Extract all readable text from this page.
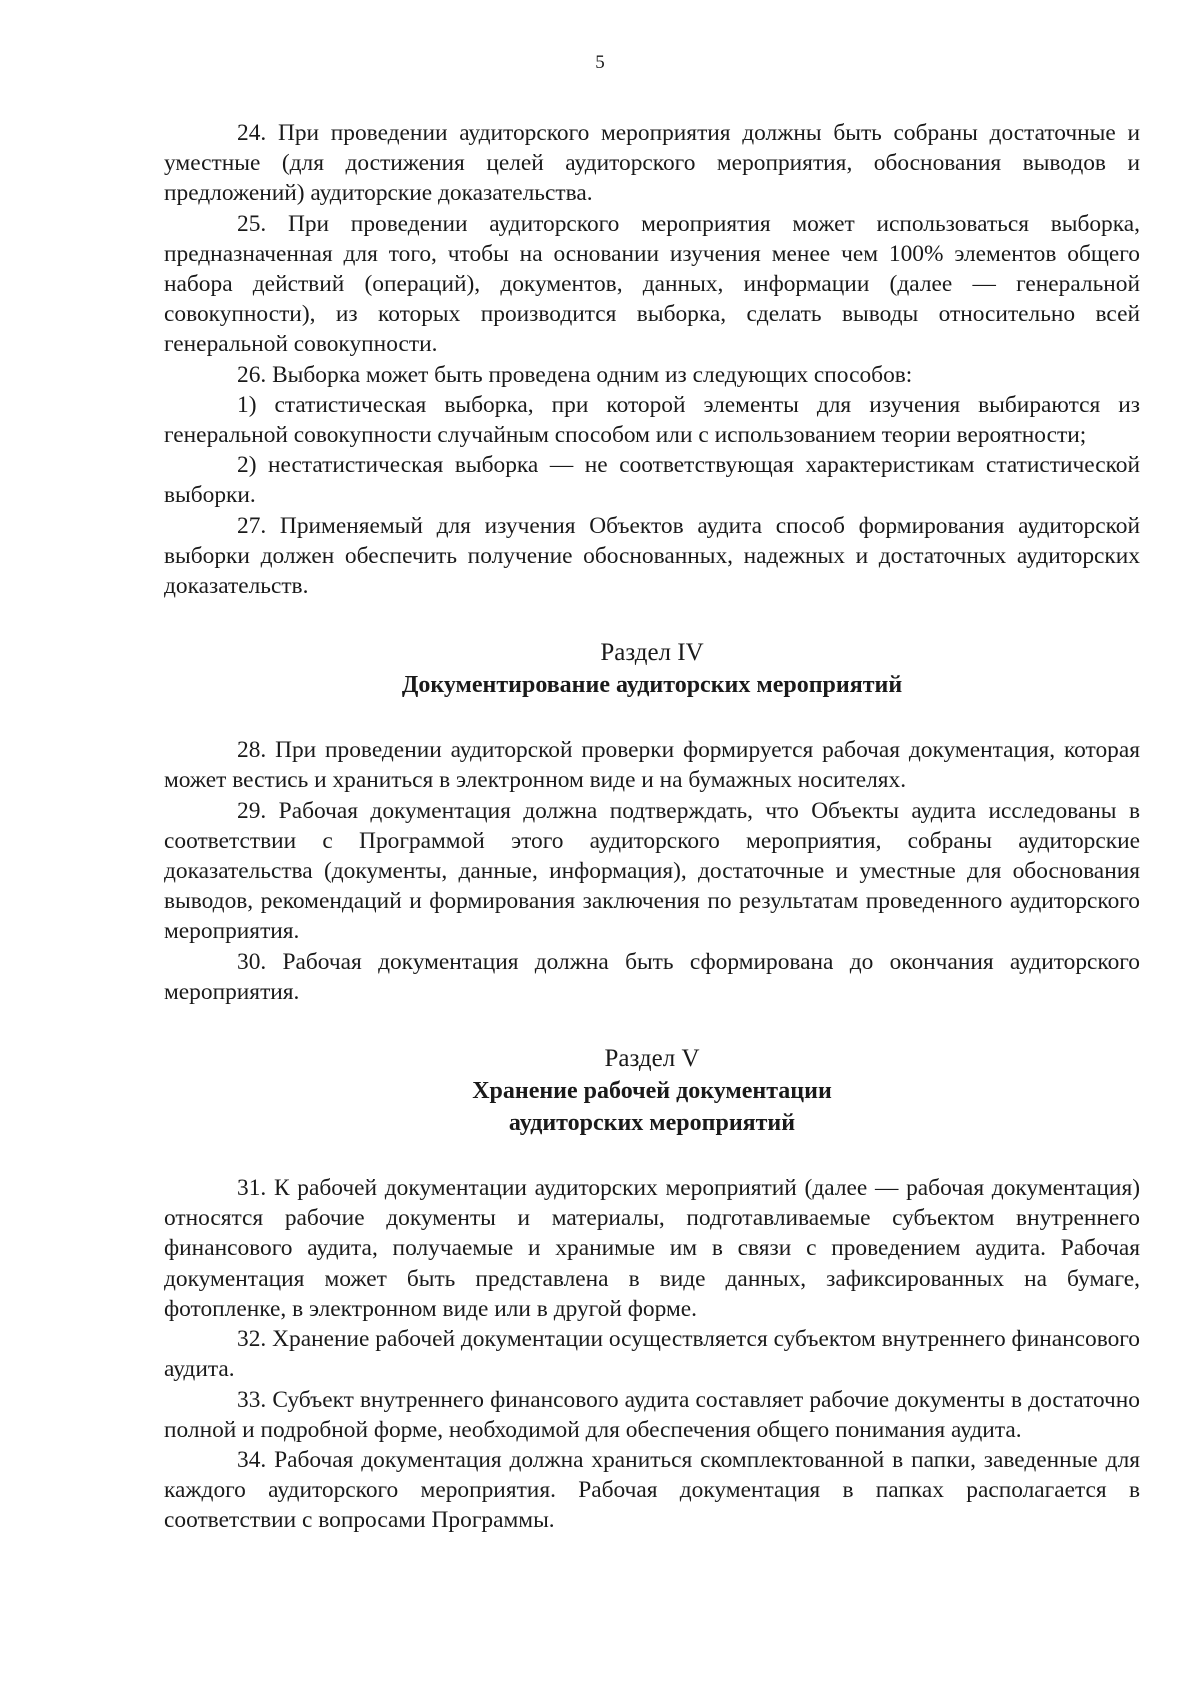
5

24. При проведении аудиторского мероприятия должны быть собраны достаточные и уместные (для достижения целей аудиторского мероприятия, обоснования выводов и предложений) аудиторские доказательства.

25. При проведении аудиторского мероприятия может использоваться выборка, предназначенная для того, чтобы на основании изучения менее чем 100% элементов общего набора действий (операций), документов, данных, информации (далее — генеральной совокупности), из которых производится выборка, сделать выводы относительно всей генеральной совокупности.

26. Выборка может быть проведена одним из следующих способов:

1) статистическая выборка, при которой элементы для изучения выбираются из генеральной совокупности случайным способом или с использованием теории вероятности;

2) нестатистическая выборка — не соответствующая характеристикам статистической выборки.

27. Применяемый для изучения Объектов аудита способ формирования аудиторской выборки должен обеспечить получение обоснованных, надежных и достаточных аудиторских доказательств.

Раздел IV
Документирование аудиторских мероприятий

28. При проведении аудиторской проверки формируется рабочая документация, которая может вестись и храниться в электронном виде и на бумажных носителях.

29. Рабочая документация должна подтверждать, что Объекты аудита исследованы в соответствии с Программой этого аудиторского мероприятия, собраны аудиторские доказательства (документы, данные, информация), достаточные и уместные для обоснования выводов, рекомендаций и формирования заключения по результатам проведенного аудиторского мероприятия.

30. Рабочая документация должна быть сформирована до окончания аудиторского мероприятия.

Раздел V
Хранение рабочей документации
аудиторских мероприятий

31. К рабочей документации аудиторских мероприятий (далее — рабочая документация) относятся рабочие документы и материалы, подготавливаемые субъектом внутреннего финансового аудита, получаемые и хранимые им в связи с проведением аудита. Рабочая документация может быть представлена в виде данных, зафиксированных на бумаге, фотопленке, в электронном виде или в другой форме.

32. Хранение рабочей документации осуществляется субъектом внутреннего финансового аудита.

33. Субъект внутреннего финансового аудита составляет рабочие документы в достаточно полной и подробной форме, необходимой для обеспечения общего понимания аудита.

34. Рабочая документация должна храниться скомплектованной в папки, заведенные для каждого аудиторского мероприятия. Рабочая документация в папках располагается в соответствии с вопросами Программы.
